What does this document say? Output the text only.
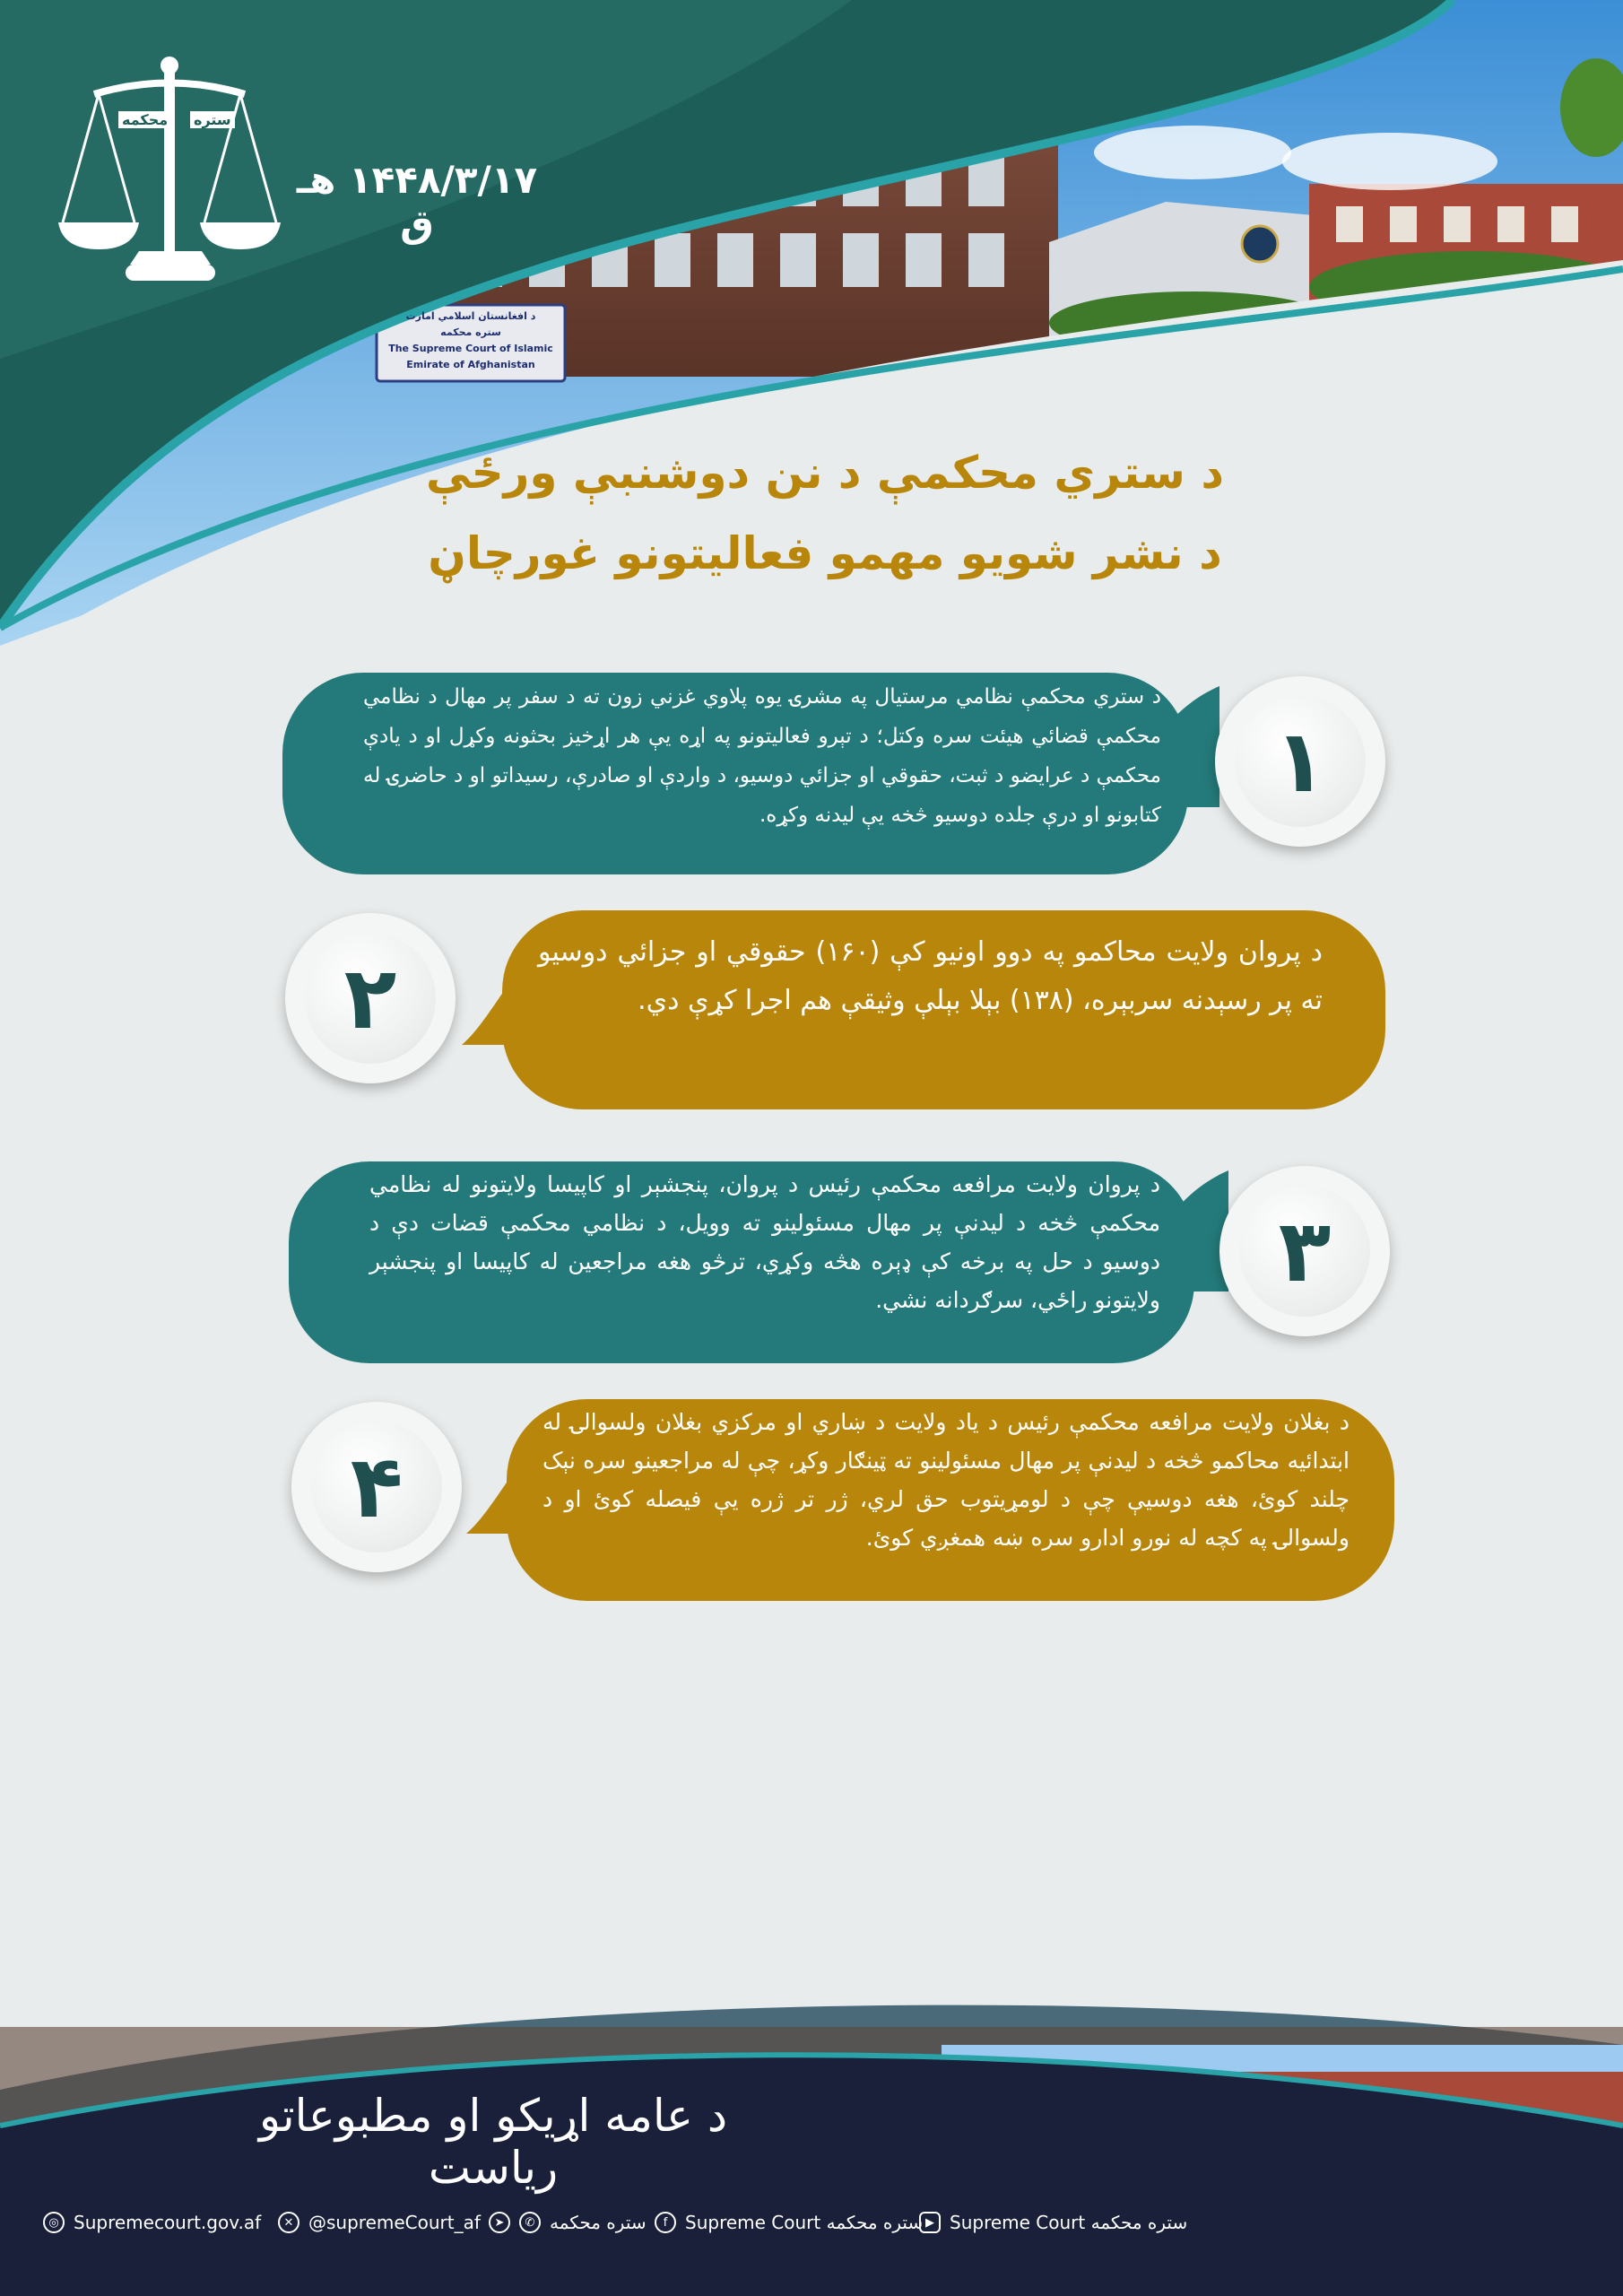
ستره
محکمه
۱۴۴۸/۳/۱۷ هـ ق
د افغانستان اسلامي امارت
ستره محکمه
The Supreme Court of Islamic
Emirate of Afghanistan
د ستري محکمې د نن دوشنبې ورځې
د نشر شویو مهمو فعالیتونو غورچاڼ

د ستري محکمې نظامي مرستیال په مشرۍ یوه پلاوي غزني زون ته د سفر پر مهال د نظامي محکمې قضائي هیئت سره وکتل؛ د تېرو فعالیتونو په اړه یې هر اړخیز بحثونه وکړل او د یادې محکمې د عرایضو د ثبت، حقوقي او جزائي دوسیو، د واردې او صادرې، رسیداتو او د حاضرۍ له کتابونو او درې جلده دوسیو څخه یې لیدنه وکړه.

۱

د پروان ولایت محاکمو په دوو اونیو کې (۱۶۰) حقوقي او جزائي دوسیو ته پر رسېدنه سربېره، (۱۳۸) بېلا بېلې وثیقې هم اجرا کړې دي.

۲

د پروان ولایت مرافعه محکمې رئیس د پروان، پنجشېر او کاپیسا ولایتونو له نظامي محکمې څخه د لیدنې پر مهال مسئولینو ته وویل، د نظامي محکمې قضات دې د دوسیو د حل په برخه کې ډېره هڅه وکړي، ترڅو هغه مراجعین له کاپیسا او پنجشېر ولایتونو راځي، سرګردانه نشي.	۳

د بغلان ولایت مرافعه محکمې رئیس د یاد ولایت د ښاري او مرکزي بغلان ولسوالۍ له ابتدائیه محاکمو څخه د لیدنې پر مهال مسئولینو ته ټینګار وکړ، چې له مراجعینو سره نېک چلند کوئ، هغه دوسیې چې د لومړیتوب حق لري، ژر تر ژره یې فیصله کوئ او د ولسوالۍ په کچه له نورو ادارو سره ښه همغږي کوئ.

۴
د عامه اړیکو او مطبوعاتو ریاست
◎ Supremecourt.gov.af	✕ @supremeCourt_af	➤	✆ ستره محکمه	f Supreme Court ستره محکمه ▶ Supreme Court ستره محکمه
